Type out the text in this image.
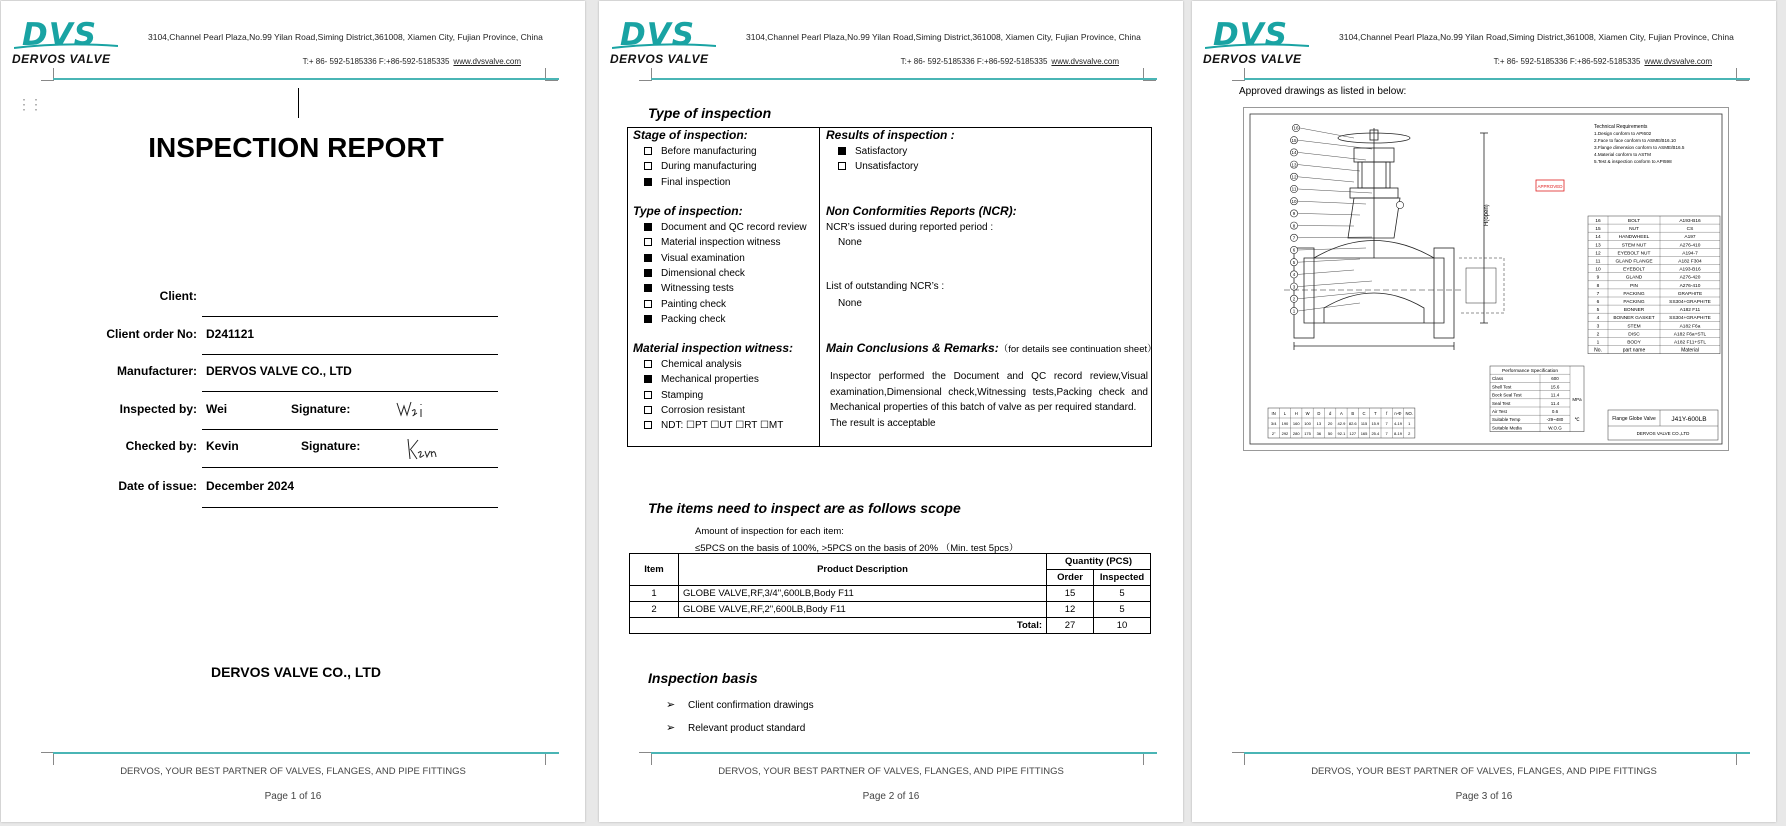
DVS
DERVOS VALVE
3104,Channel Pearl Plaza,No.99 Yilan Road,Siming District,361008, Xiamen City, Fujian Province, China
T:+ 86- 592-5185336 F:+86-592-5185335 www.dvsvalve.com
⋮⋮
INSPECTION REPORT
Client:
Client order No: D241121
Manufacturer: DERVOS VALVE CO., LTD
Inspected by: Wei	Signature:
Checked by: Kevin	Signature:
Date of issue: December 2024
DERVOS VALVE CO., LTD
DERVOS, YOUR BEST PARTNER OF VALVES, FLANGES, AND PIPE FITTINGS
Page 1 of 16
DVS
DERVOS VALVE
3104,Channel Pearl Plaza,No.99 Yilan Road,Siming District,361008, Xiamen City, Fujian Province, China
T:+ 86- 592-5185336 F:+86-592-5185335 www.dvsvalve.com
Type of inspection
Stage of inspection:
Before manufacturing
During manufacturing
Final inspection
Type of inspection:
Document and QC record review
Material inspection witness
Visual examination
Dimensional check
Witnessing tests
Painting check
Packing check
Material inspection witness:
Chemical analysis
Mechanical properties
Stamping
Corrosion resistant
NDT: ☐PT ☐UT ☐RT ☐MT
Results of inspection :
Satisfactory
Unsatisfactory
Non Conformities Reports (NCR):
NCR’s issued during reported period :
None
List of outstanding NCR’s :
None
Main Conclusions & Remarks:（for details see continuation sheet）
Inspector performed the Document and QC record review,Visual examination,Dimensional check,Witnessing tests,Packing check and Mechanical properties of this batch of valve as per required standard.
The result is acceptable
The items need to inspect are as follows scope
Amount of inspection for each item:
≤5PCS on the basis of 100%, >5PCS on the basis of 20% （Min. test 5pcs）
Item	Product Description	Quantity (PCS)	
		Order	Inspected
1	GLOBE VALVE,RF,3/4",600LB,Body F11	15	5
2	GLOBE VALVE,RF,2",600LB,Body F11	12	5
Total:		27	10
Inspection basis
➢ Client confirmation drawings
➢ Relevant product standard
DERVOS, YOUR BEST PARTNER OF VALVES, FLANGES, AND PIPE FITTINGS
Page 2 of 16
DVS
DERVOS VALVE
3104,Channel Pearl Plaza,No.99 Yilan Road,Siming District,361008, Xiamen City, Fujian Province, China
T:+ 86- 592-5185336 F:+86-592-5185335 www.dvsvalve.com
Approved drawings as listed in below:
1
2
3
4
5
6
7
8
9
10
11
12
13
14
15
16
H(open)
Technical Requirements
1.Design conform to API602
2.Face to face conform to ASME/B16.10
3.Flange dimension conform to ASME/B16.5
4.Material conform to ASTM
5.Test & inspection conform to API598
APPROVED
16	BOLT	A193-B16
15	NUT	CS
14	HANDWHEEL	A197
13	STEM NUT	A276-410
12	EYEBOLT NUT	A194-7
11	GLAND FLANGE	A182 F304
10	EYEBOLT	A193-B16
9	GLAND	A276-420
8	PIN	A276-410
7	PACKING	GRAPHITE
6	PACKING	SS304+GRAPHITE
5	BONNER	A182 F11
4	BONNER GASKET	SS304+GRAPHITE
3	STEM	A182 F6a
2	DISC	A182 F6a+STL
1	BODY	A182 F11+STL
No.	part name	Material
Performance Specification
Class	600
Shell Test	15.6
Bock Seal Test	11.4
Seal Test	11.4
Air Test	0.6
Suitable Temp	-29~480
Suitable Media	W.O.G
MPa
℃
IN L H W D d A B C T f n-Φ NO.
3/4 190 160 100 13 20 42.9 82.6 115 15.9 7 4-19 1
2" 292 280 175 36 50 92.1 127 165 25.4 7 8-19 2
Flange Globe Valve J41Y-600LB
DERVOS VALVE CO.,LTD
DERVOS, YOUR BEST PARTNER OF VALVES, FLANGES, AND PIPE FITTINGS
Page 3 of 16
